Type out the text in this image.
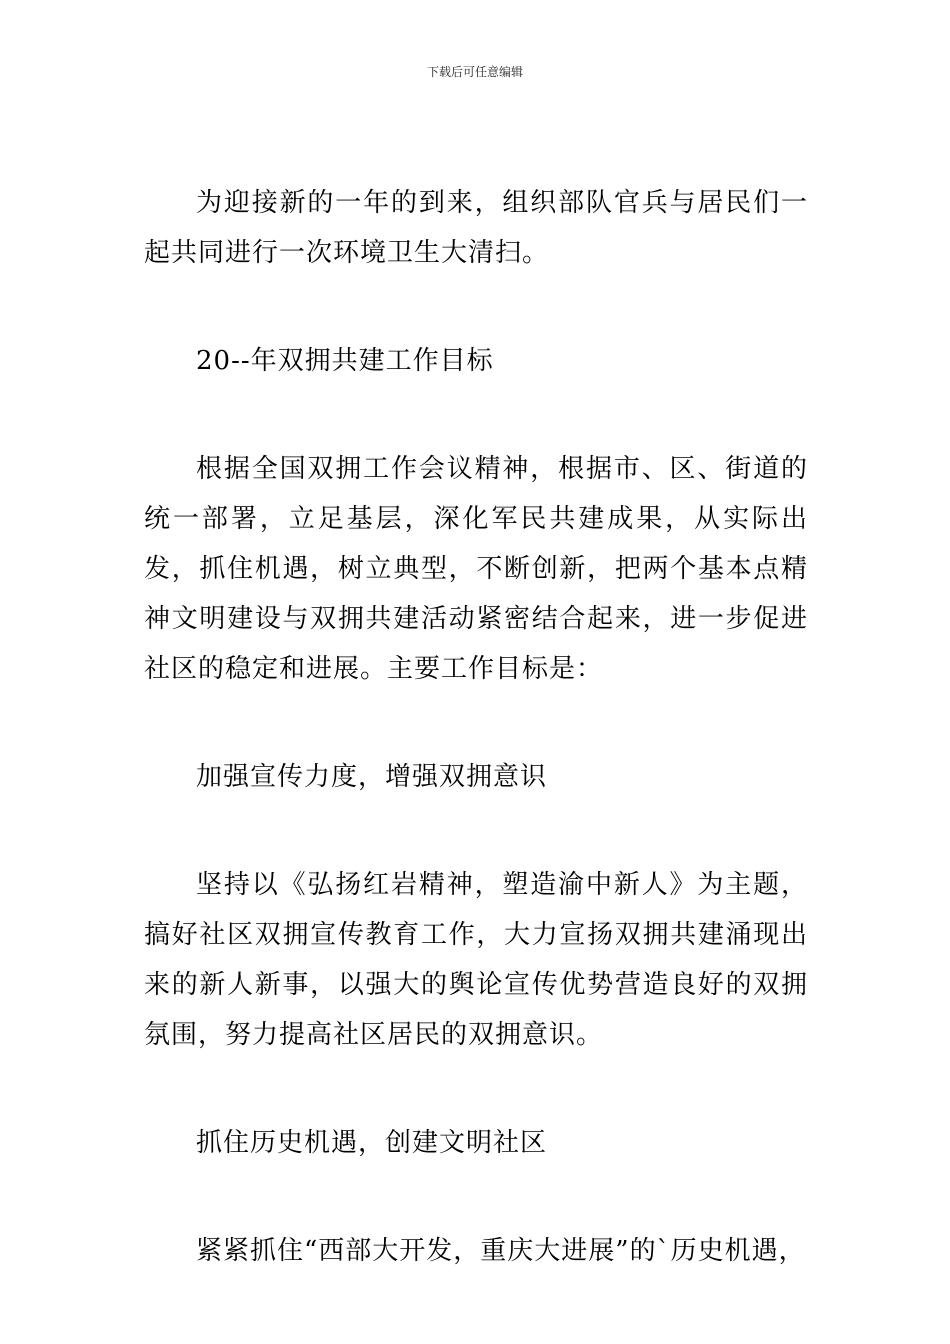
下载后可任意编辑

为迎接新的一年的到来，组织部队官兵与居民们一起共同进行一次环境卫生大清扫。

20--年双拥共建工作目标

根据全国双拥工作会议精神，根据市、区、街道的统一部署，立足基层，深化军民共建成果，从实际出发，抓住机遇，树立典型，不断创新，把两个基本点精神文明建设与双拥共建活动紧密结合起来，进一步促进社区的稳定和进展。主要工作目标是：

加强宣传力度，增强双拥意识

坚持以《弘扬红岩精神，塑造渝中新人》为主题，搞好社区双拥宣传教育工作，大力宣扬双拥共建涌现出来的新人新事，以强大的舆论宣传优势营造良好的双拥氛围，努力提高社区居民的双拥意识。

抓住历史机遇，创建文明社区

紧紧抓住“西部大开发，重庆大进展”的`历史机遇，
